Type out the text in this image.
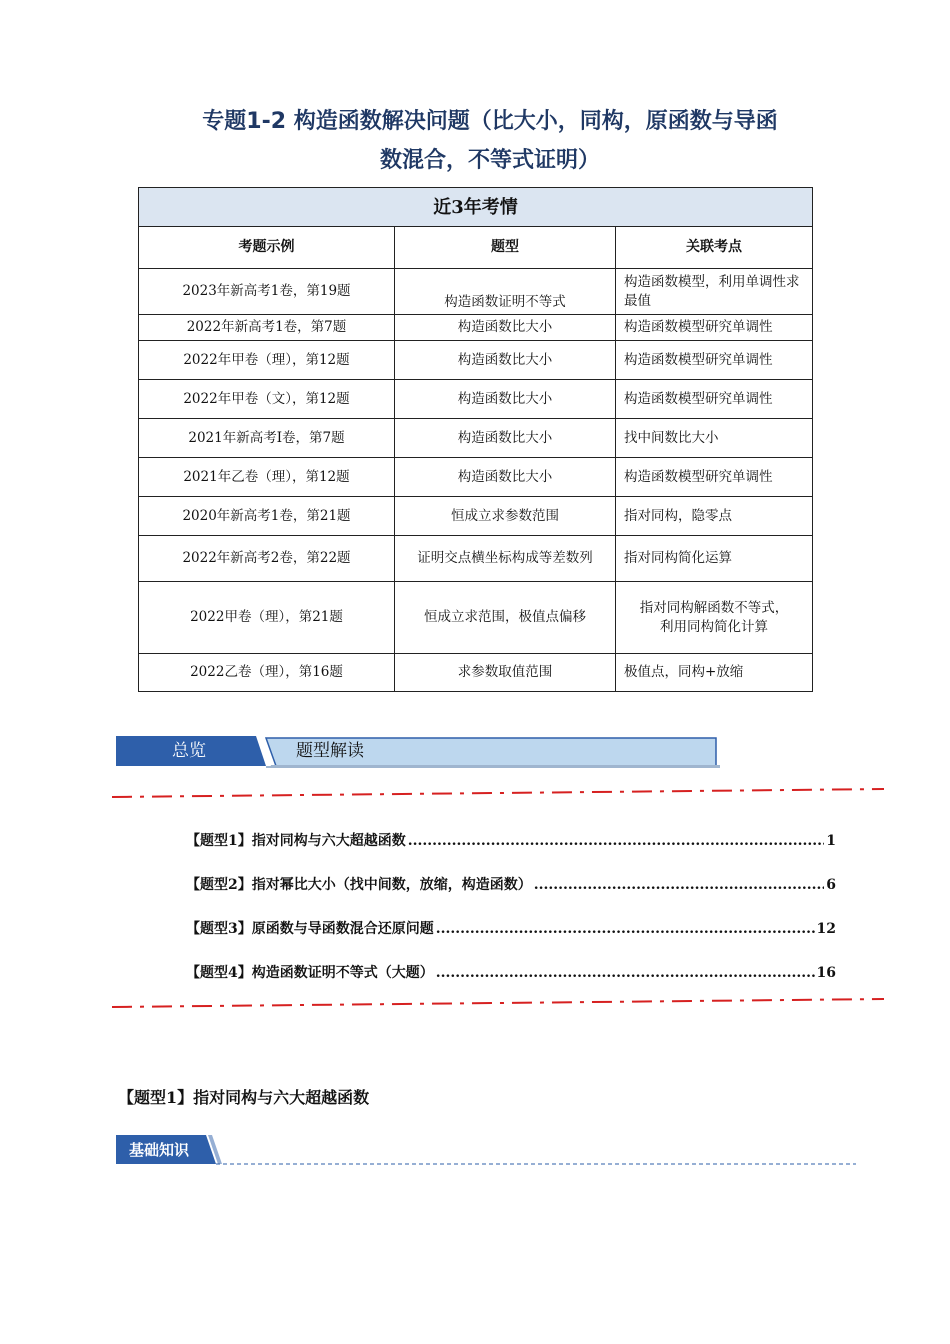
专题1-2 构造函数解决问题（比大小，同构，原函数与导函
数混合，不等式证明）
近3年考情		
考题示例	题型	关联考点
2023年新高考1卷，第19题	构造函数证明不等式	构造函数模型，利用单调性求最值
2022年新高考1卷，第7题	构造函数比大小	构造函数模型研究单调性
2022年甲卷（理），第12题	构造函数比大小	构造函数模型研究单调性
2022年甲卷（文），第12题	构造函数比大小	构造函数模型研究单调性
2021年新高考Ⅰ卷，第7题	构造函数比大小	找中间数比大小
2021年乙卷（理），第12题	构造函数比大小	构造函数模型研究单调性
2020年新高考1卷，第21题	恒成立求参数范围	指对同构，隐零点
2022年新高考2卷，第22题	证明交点横坐标构成等差数列	指对同构简化运算
2022甲卷（理），第21题	恒成立求范围，极值点偏移	指对同构解函数不等式，
利用同构简化计算
2022乙卷（理），第16题	求参数取值范围	极值点，同构+放缩
总览	题型解读
【题型1】指对同构与六大超越函数 .....	1
【题型2】指对幂比大小（找中间数，放缩，构造函数） .....	6
【题型3】原函数与导函数混合还原问题 .....	12
【题型4】构造函数证明不等式（大题） .....	16
【题型1】指对同构与六大超越函数
基础知识
